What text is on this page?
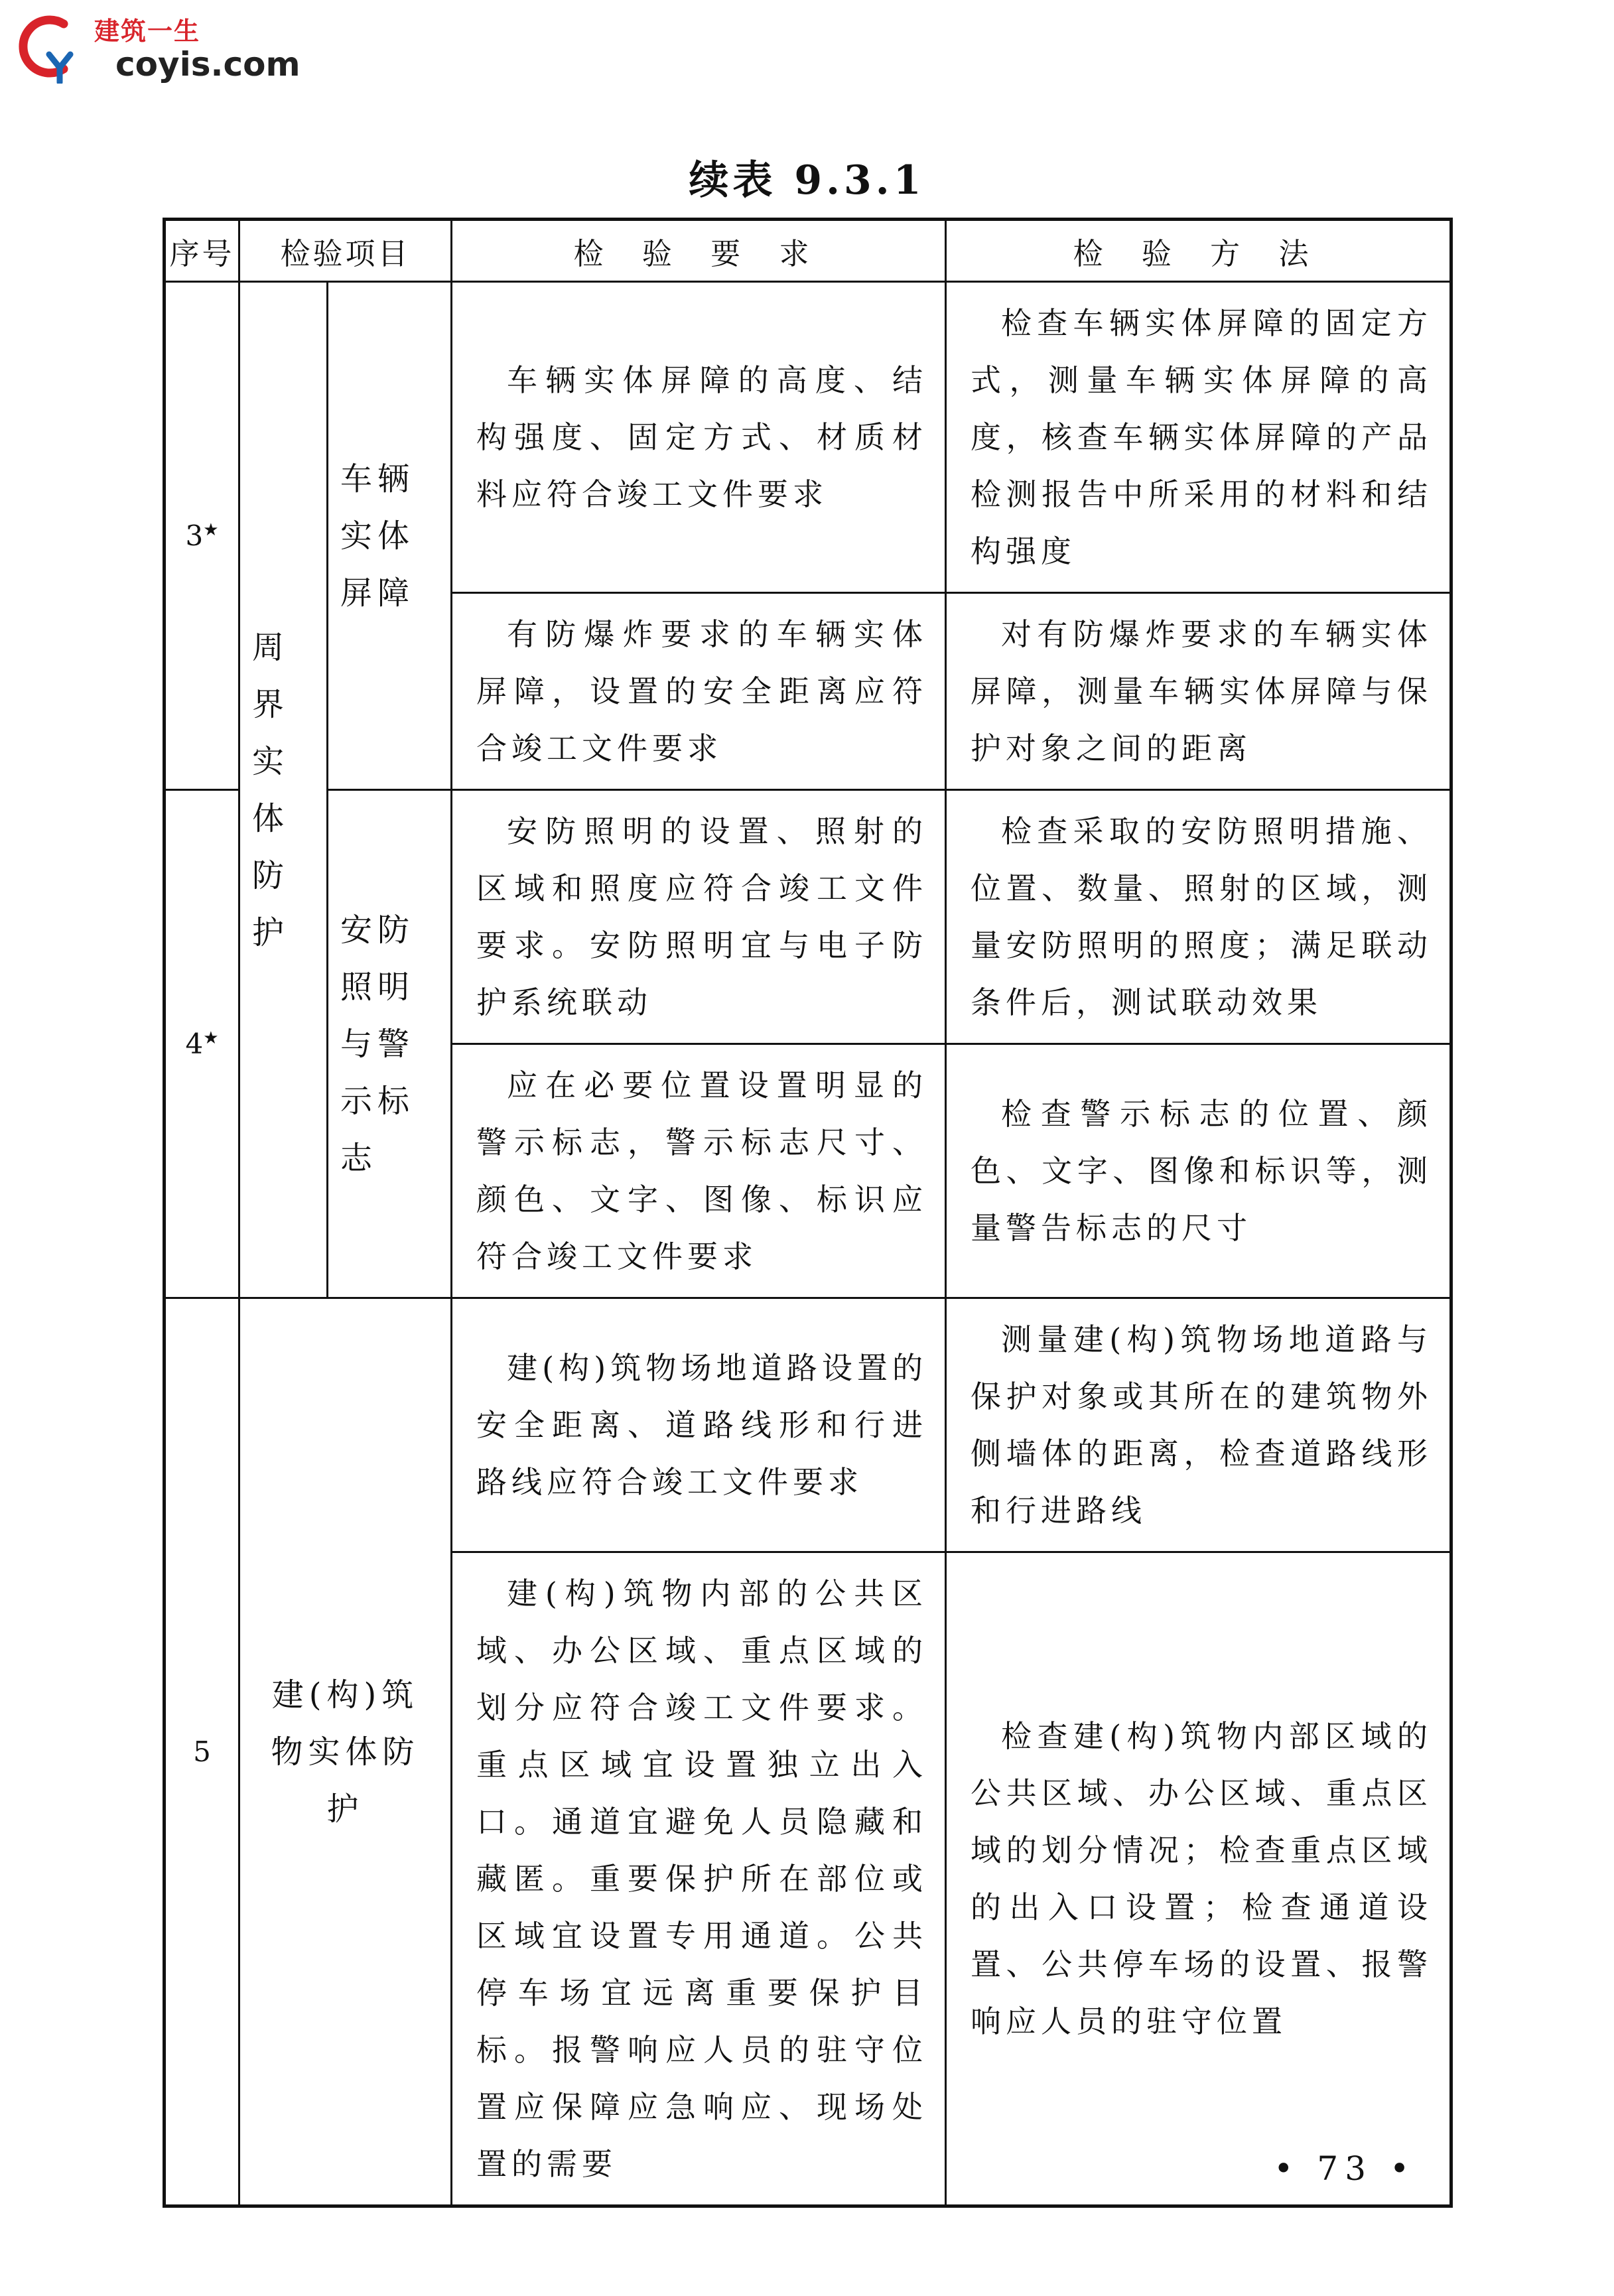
建筑一生
coyis.com
续表 9.3.1
序号	检验项目		检 验 要 求	检 验 方 法
3★	周界实体防护	车辆实体屏障	车辆实体屏障的高度、结构强度、固定方式、材质材料应符合竣工文件要求	检查车辆实体屏障的固定方式，测量车辆实体屏障的高度，核查车辆实体屏障的产品检测报告中所采用的材料和结构强度

			有防爆炸要求的车辆实体屏障，设置的安全距离应符合竣工文件要求	对有防爆炸要求的车辆实体屏障，测量车辆实体屏障与保护对象之间的距离

4★		安防照明与警示标志	安防照明的设置、照射的区域和照度应符合竣工文件要求。安防照明宜与电子防护系统联动	检查采取的安防照明措施、位置、数量、照射的区域，测量安防照明的照度；满足联动条件后，测试联动效果

			应在必要位置设置明显的警示标志，警示标志尺寸、颜色、文字、图像、标识应符合竣工文件要求	检查警示标志的位置、颜色、文字、图像和标识等，测量警告标志的尺寸

5	建(构)筑物实体防护		建(构)筑物场地道路设置的安全距离、道路线形和行进路线应符合竣工文件要求	测量建(构)筑物场地道路与保护对象或其所在的建筑物外侧墙体的距离，检查道路线形和行进路线

			建(构)筑物内部的公共区域、办公区域、重点区域的划分应符合竣工文件要求。重点区域宜设置独立出入口。通道宜避免人员隐藏和藏匿。重要保护所在部位或区域宜设置专用通道。公共停车场宜远离重要保护目标。报警响应人员的驻守位置应保障应急响应、现场处置的需要	检查建(构)筑物内部区域的公共区域、办公区域、重点区域的划分情况；检查重点区域的出入口设置；检查通道设置、公共停车场的设置、报警响应人员的驻守位置
• 73 •
